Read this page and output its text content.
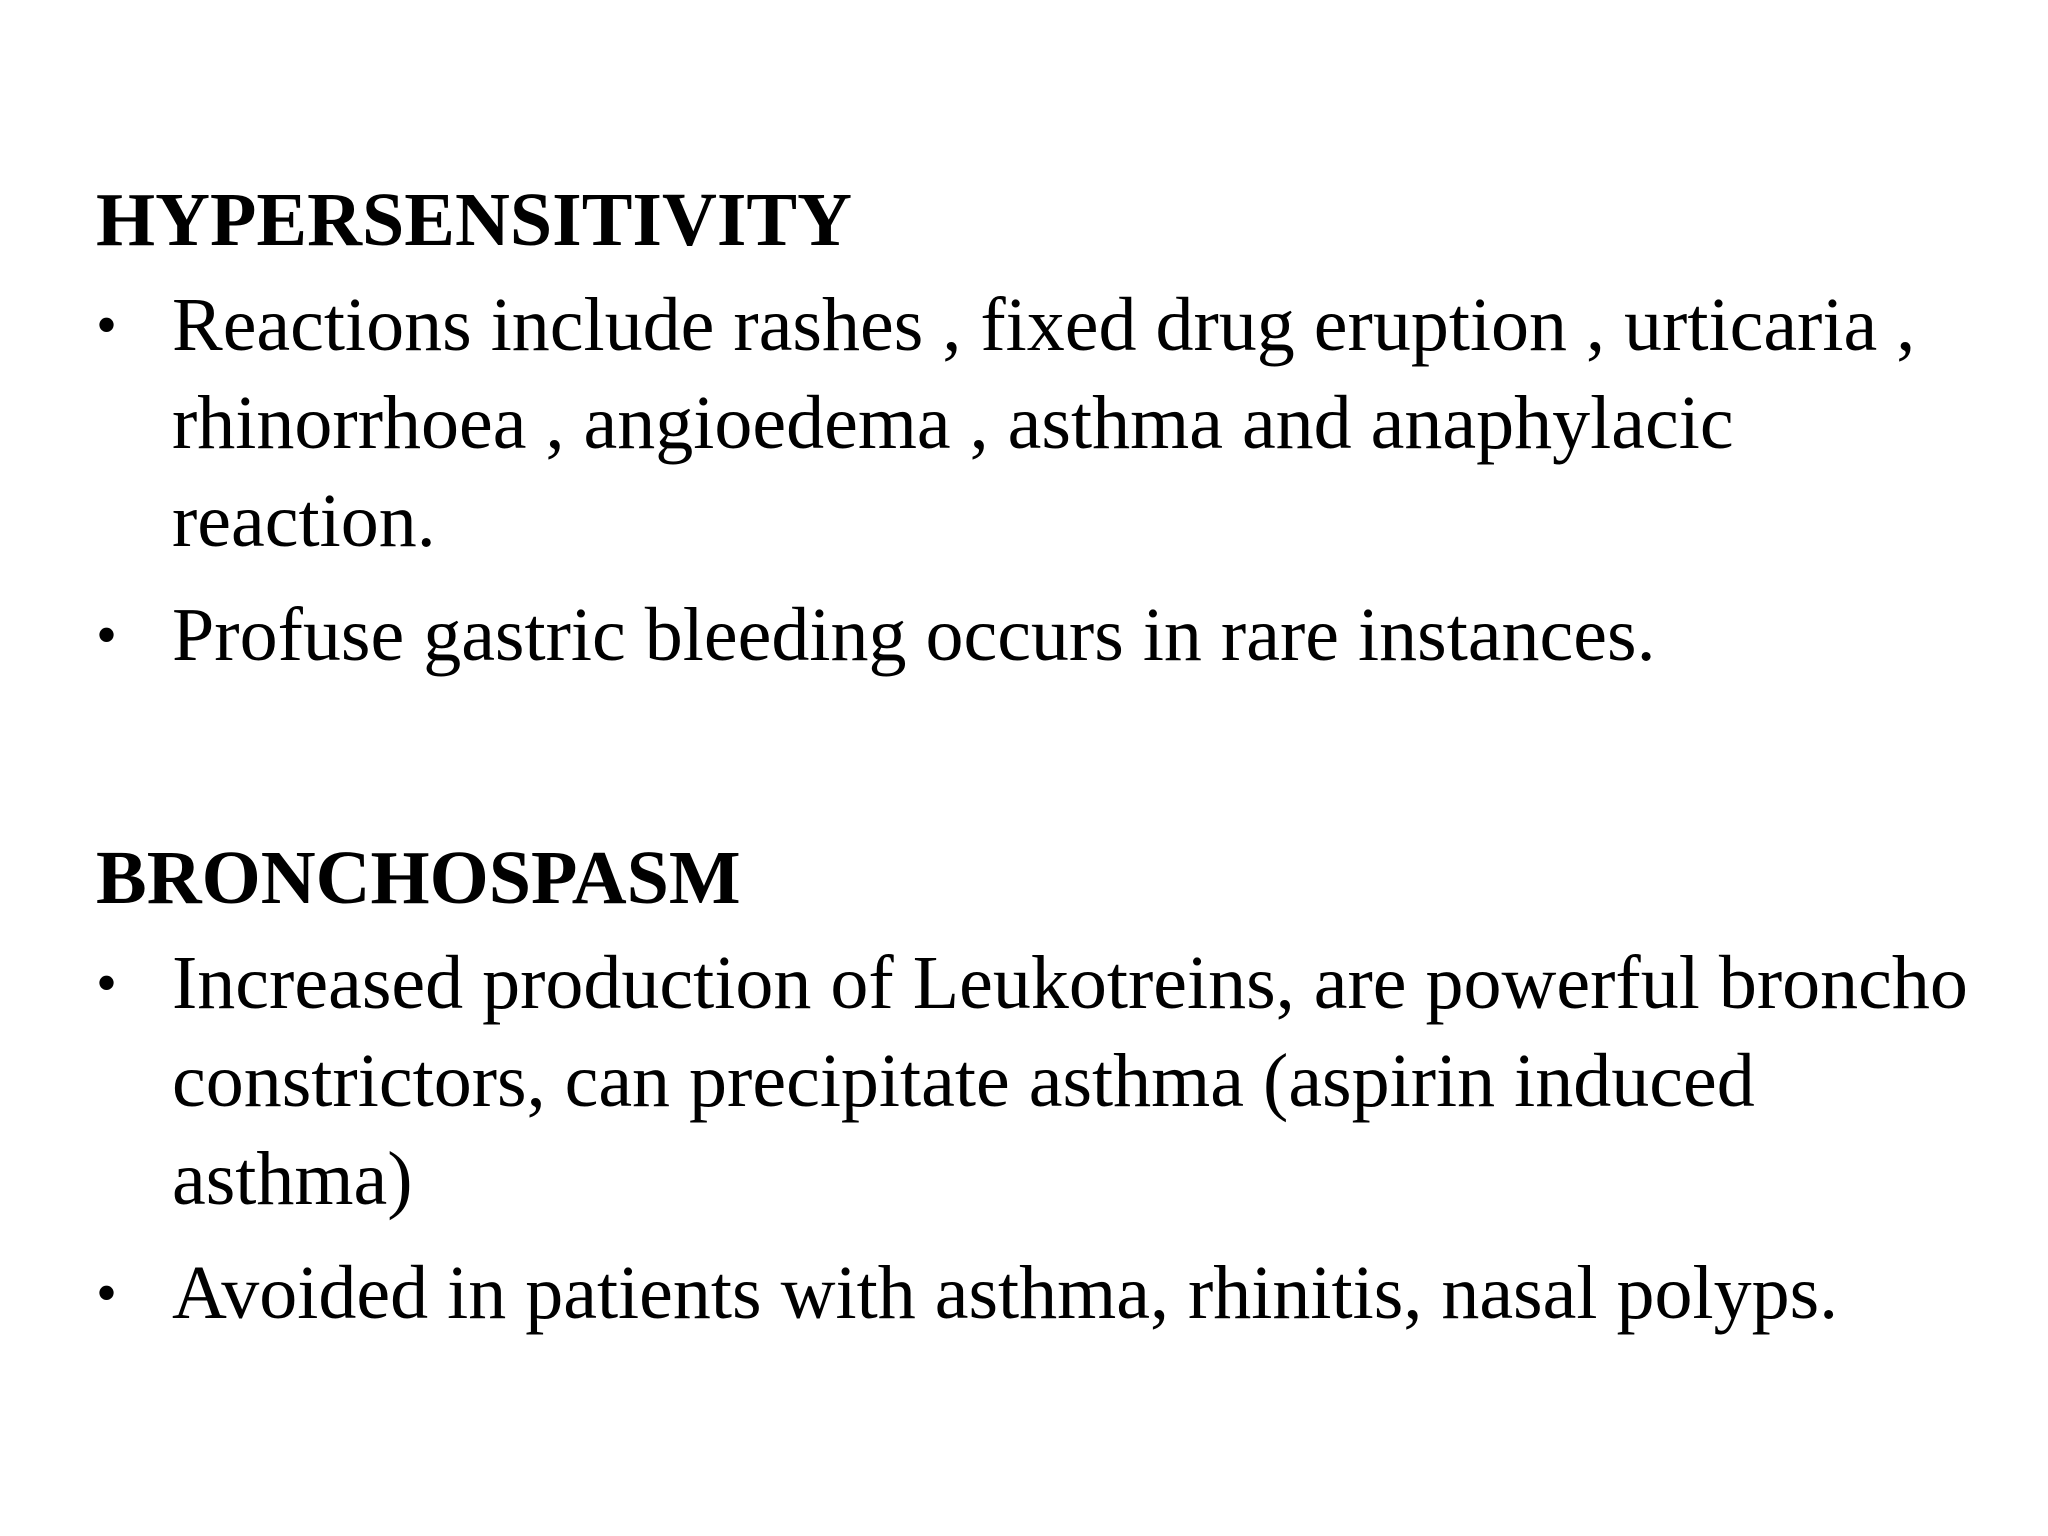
HYPERSENSITIVITY
• Reactions include rashes , fixed drug eruption , urticaria , rhinorrhoea , angioedema , asthma and anaphylacic reaction.
• Profuse gastric bleeding occurs in rare instances.
BRONCHOSPASM
• Increased production of Leukotreins, are powerful broncho constrictors, can precipitate asthma (aspirin induced asthma)
• Avoided in patients with asthma, rhinitis, nasal polyps.
